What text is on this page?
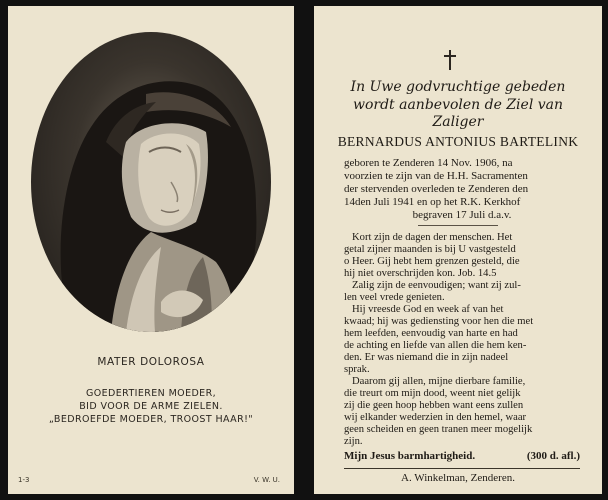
MATER DOLOROSA
GOEDERTIEREN MOEDER,
BID VOOR DE ARME ZIELEN.
„BEDROEFDE MOEDER, TROOST HAAR!"
1-3	V. W. U.
In Uwe godvruchtige gebeden
wordt aanbevolen de Ziel van
Zaliger
BERNARDUS ANTONIUS BARTELINK
geboren te Zenderen 14 Nov. 1906, na
voorzien te zijn van de H.H. Sacramenten
der stervenden overleden te Zenderen den
14den Juli 1941 en op het R.K. Kerkhof
begraven 17 Juli d.a.v.
Kort zijn de dagen der menschen. Het
getal zijner maanden is bij U vastgesteld
o Heer. Gij hebt hem grenzen gesteld, die
hij niet overschrijden kon. Job. 14.5
Zalig zijn de eenvoudigen; want zij zul-
len veel vrede genieten.
Hij vreesde God en week af van het
kwaad; hij was gediensting voor hen die met
hem leefden, eenvoudig van harte en had
de achting en liefde van allen die hem ken-
den. Er was niemand die in zijn nadeel
sprak.
Daarom gij allen, mijne dierbare familie,
die treurt om mijn dood, weent niet gelijk
zij die geen hoop hebben want eens zullen
wij elkander wederzien in den hemel, waar
geen scheiden en geen tranen meer mogelijk
zijn.
Mijn Jesus barmhartigheid.	(300 d. afl.)
A. Winkelman, Zenderen.
